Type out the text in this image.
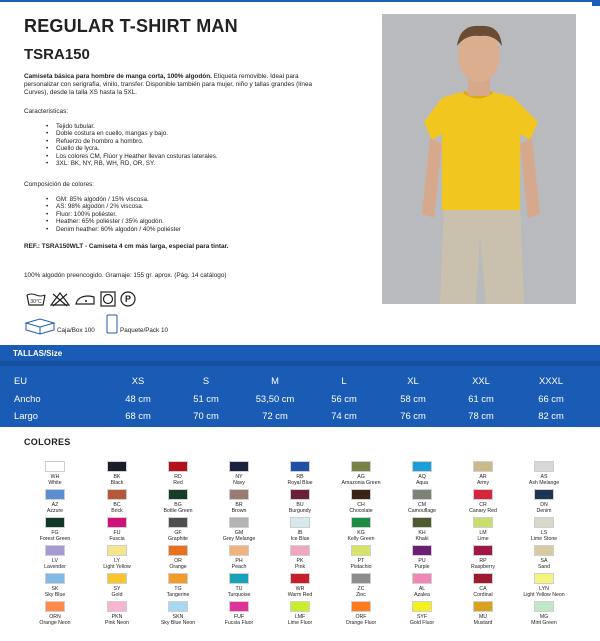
REGULAR T-SHIRT MAN
TSRA150
Camiseta básica para hombre de manga corta, 100% algodón. Etiqueta removible. Ideal para personalizar con serigrafía, vinilo, transfer. Disponible también para mujer, niño y tallas grandes (línea Curves), desde la talla XS hasta la 5XL.
Caracteristicas:
• Tejido tubular.
• Doble costura en cuello, mangas y bajo.
• Refuerzo de hombro a hombro.
• Cuello de lycra.
• Los colores CM, Flúor y Heather llevan costuras laterales.
• 3XL: BK, NY, RB, WH, RD, OR, SY.
Composición de colores:
• GM: 85% algodón / 15% viscosa.
• AS: 98% algodón / 2% viscosa.
• Fluor: 100% poliéster.
• Heather: 65% poliéster / 35% algodón.
• Denim heather: 60% algodón / 40% poliéster
REF.: TSRA150WLT - Camiseta 4 cm más larga, especial para tintar.
100% algodón preencogido. Gramaje: 155 gr. aprox. (Pág. 14 catálogo)
30°C	P
Caja/Box 100	Paquete/Pack 10
TALLAS/Size
EU	XS	S	M	L	XL	XXL	XXXL
Ancho	48 cm	51 cm	53,50 cm	56 cm	58 cm	61 cm	66 cm
Largo	68 cm	70 cm	72 cm	74 cm	76 cm	78 cm	82 cm
COLORES
WH
White
BK
Black
RD
Red
NY
Navy
RB
Royal Blue
AG
Amazonia Green
AQ
Aqua
AR
Army
AS
Ash Melange
AZ
Azzure
BC
Brick
BG
Bottle Green
BR
Brown
BU
Burgundy
CH
Chocolate
CM
Camouflage
CR
Canary Red
DN
Denim
FG
Forest Green
FU
Fuscia
GF
Graphite
GM
Grey Melange
IB
Ice Blue
KG
Kelly Green
KH
Khaki
LM
Lime
LS
Lime Stone
LV
Lavender
LY
Light Yellow
OR
Orange
PH
Peach
PK
Pink
PT
Pistachio
PU
Purple
RP
Raspberry
SA
Sand
SK
Sky Blue
SY
Gold
TG
Tangerine
TU
Turquoise
WR
Warm Red
ZC
Zinc
AL
Azalea
CA
Cordinal
LYN
Light Yellow Neon
ORN
Orange Neon
PKN
Pink Neon
SKN
Sky Blue Neon
FUF
Fucsia Fluor
LMF
Lime Fluor
ORF
Orange Fluor
SYF
Gold Fluor
MU
Mustard
MG
Mint Green
